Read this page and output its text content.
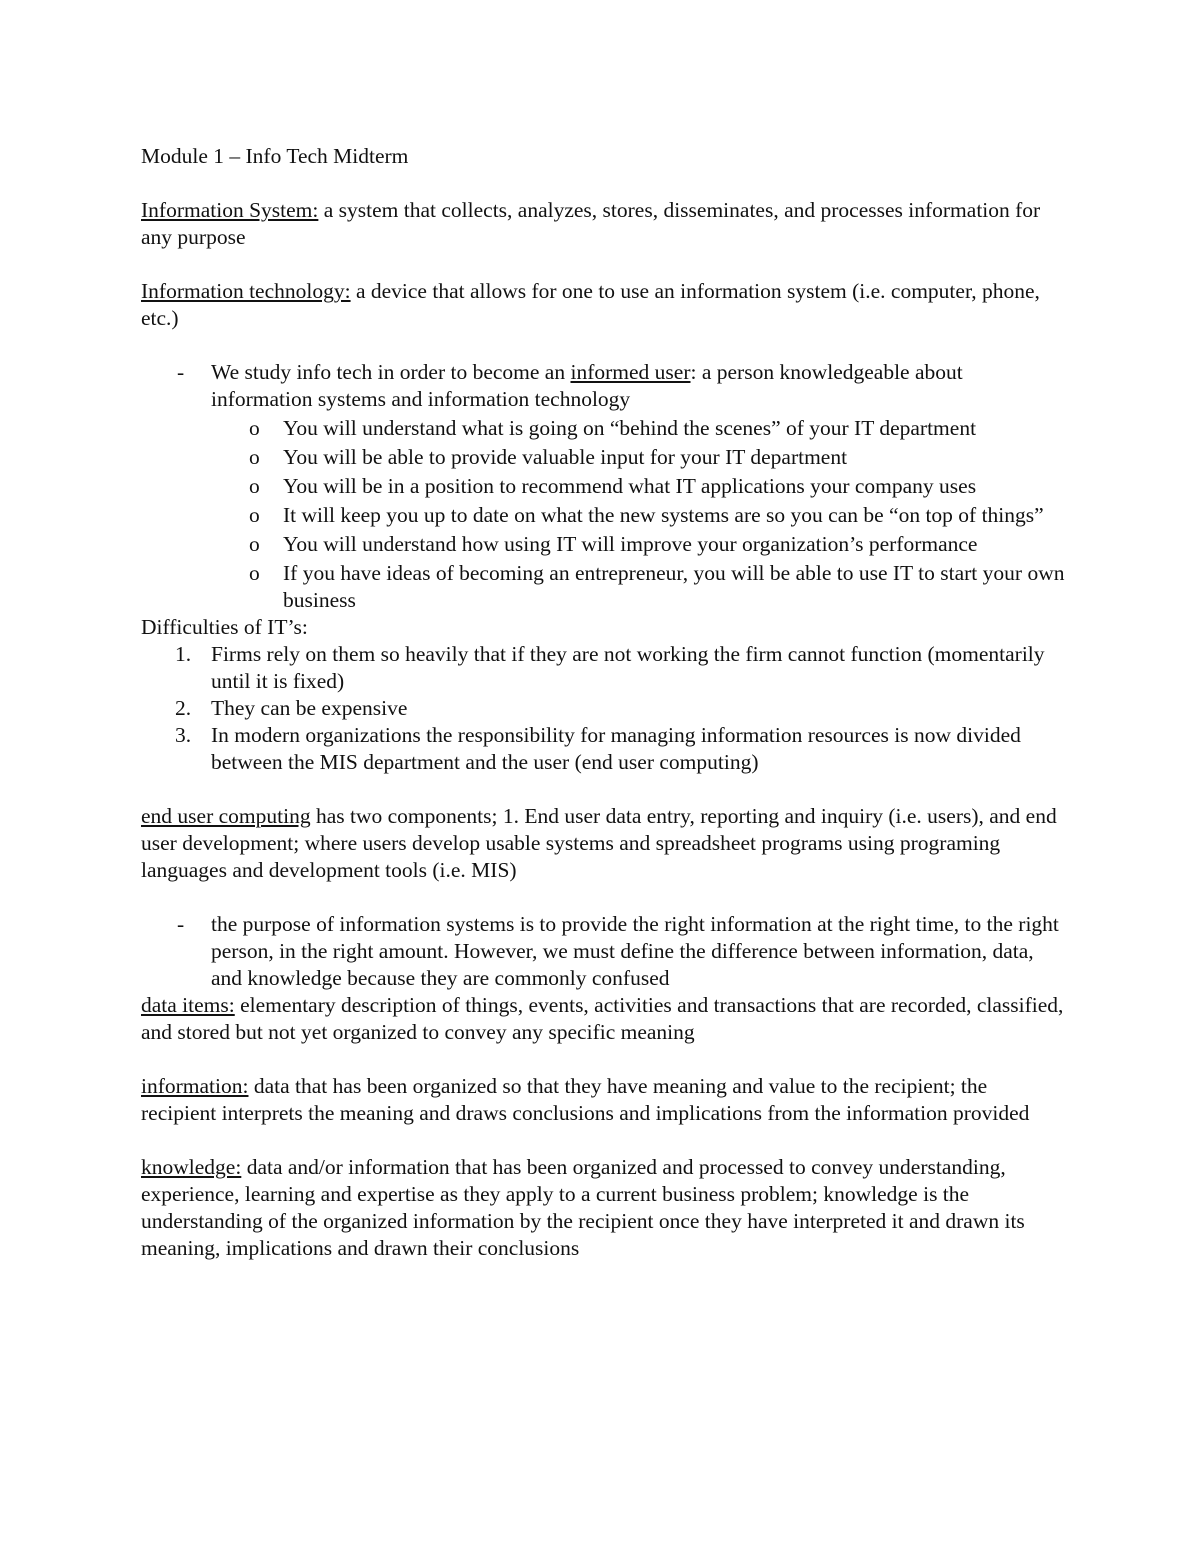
Module 1 – Info Tech Midterm

Information System: a system that collects, analyzes, stores, disseminates, and processes information for any purpose

Information technology: a device that allows for one to use an information system (i.e. computer, phone, etc.)

- We study info tech in order to become an informed user: a person knowledgeable about information systems and information technology

o You will understand what is going on “behind the scenes” of your IT department
o You will be able to provide valuable input for your IT department
o You will be in a position to recommend what IT applications your company uses
o It will keep you up to date on what the new systems are so you can be “on top of things”
o You will understand how using IT will improve your organization’s performance
o If you have ideas of becoming an entrepreneur, you will be able to use IT to start your own business

Difficulties of IT’s:

1. Firms rely on them so heavily that if they are not working the firm cannot function (momentarily until it is fixed)
2. They can be expensive
3. In modern organizations the responsibility for managing information resources is now divided between the MIS department and the user (end user computing)

end user computing has two components; 1. End user data entry, reporting and inquiry (i.e. users), and end user development; where users develop usable systems and spreadsheet programs using programing languages and development tools (i.e. MIS)

- the purpose of information systems is to provide the right information at the right time, to the right person, in the right amount. However, we must define the difference between information, data, and knowledge because they are commonly confused

data items: elementary description of things, events, activities and transactions that are recorded, classified, and stored but not yet organized to convey any specific meaning

information: data that has been organized so that they have meaning and value to the recipient; the recipient interprets the meaning and draws conclusions and implications from the information provided

knowledge: data and/or information that has been organized and processed to convey understanding, experience, learning and expertise as they apply to a current business problem; knowledge is the understanding of the organized information by the recipient once they have interpreted it and drawn its meaning, implications and drawn their conclusions
